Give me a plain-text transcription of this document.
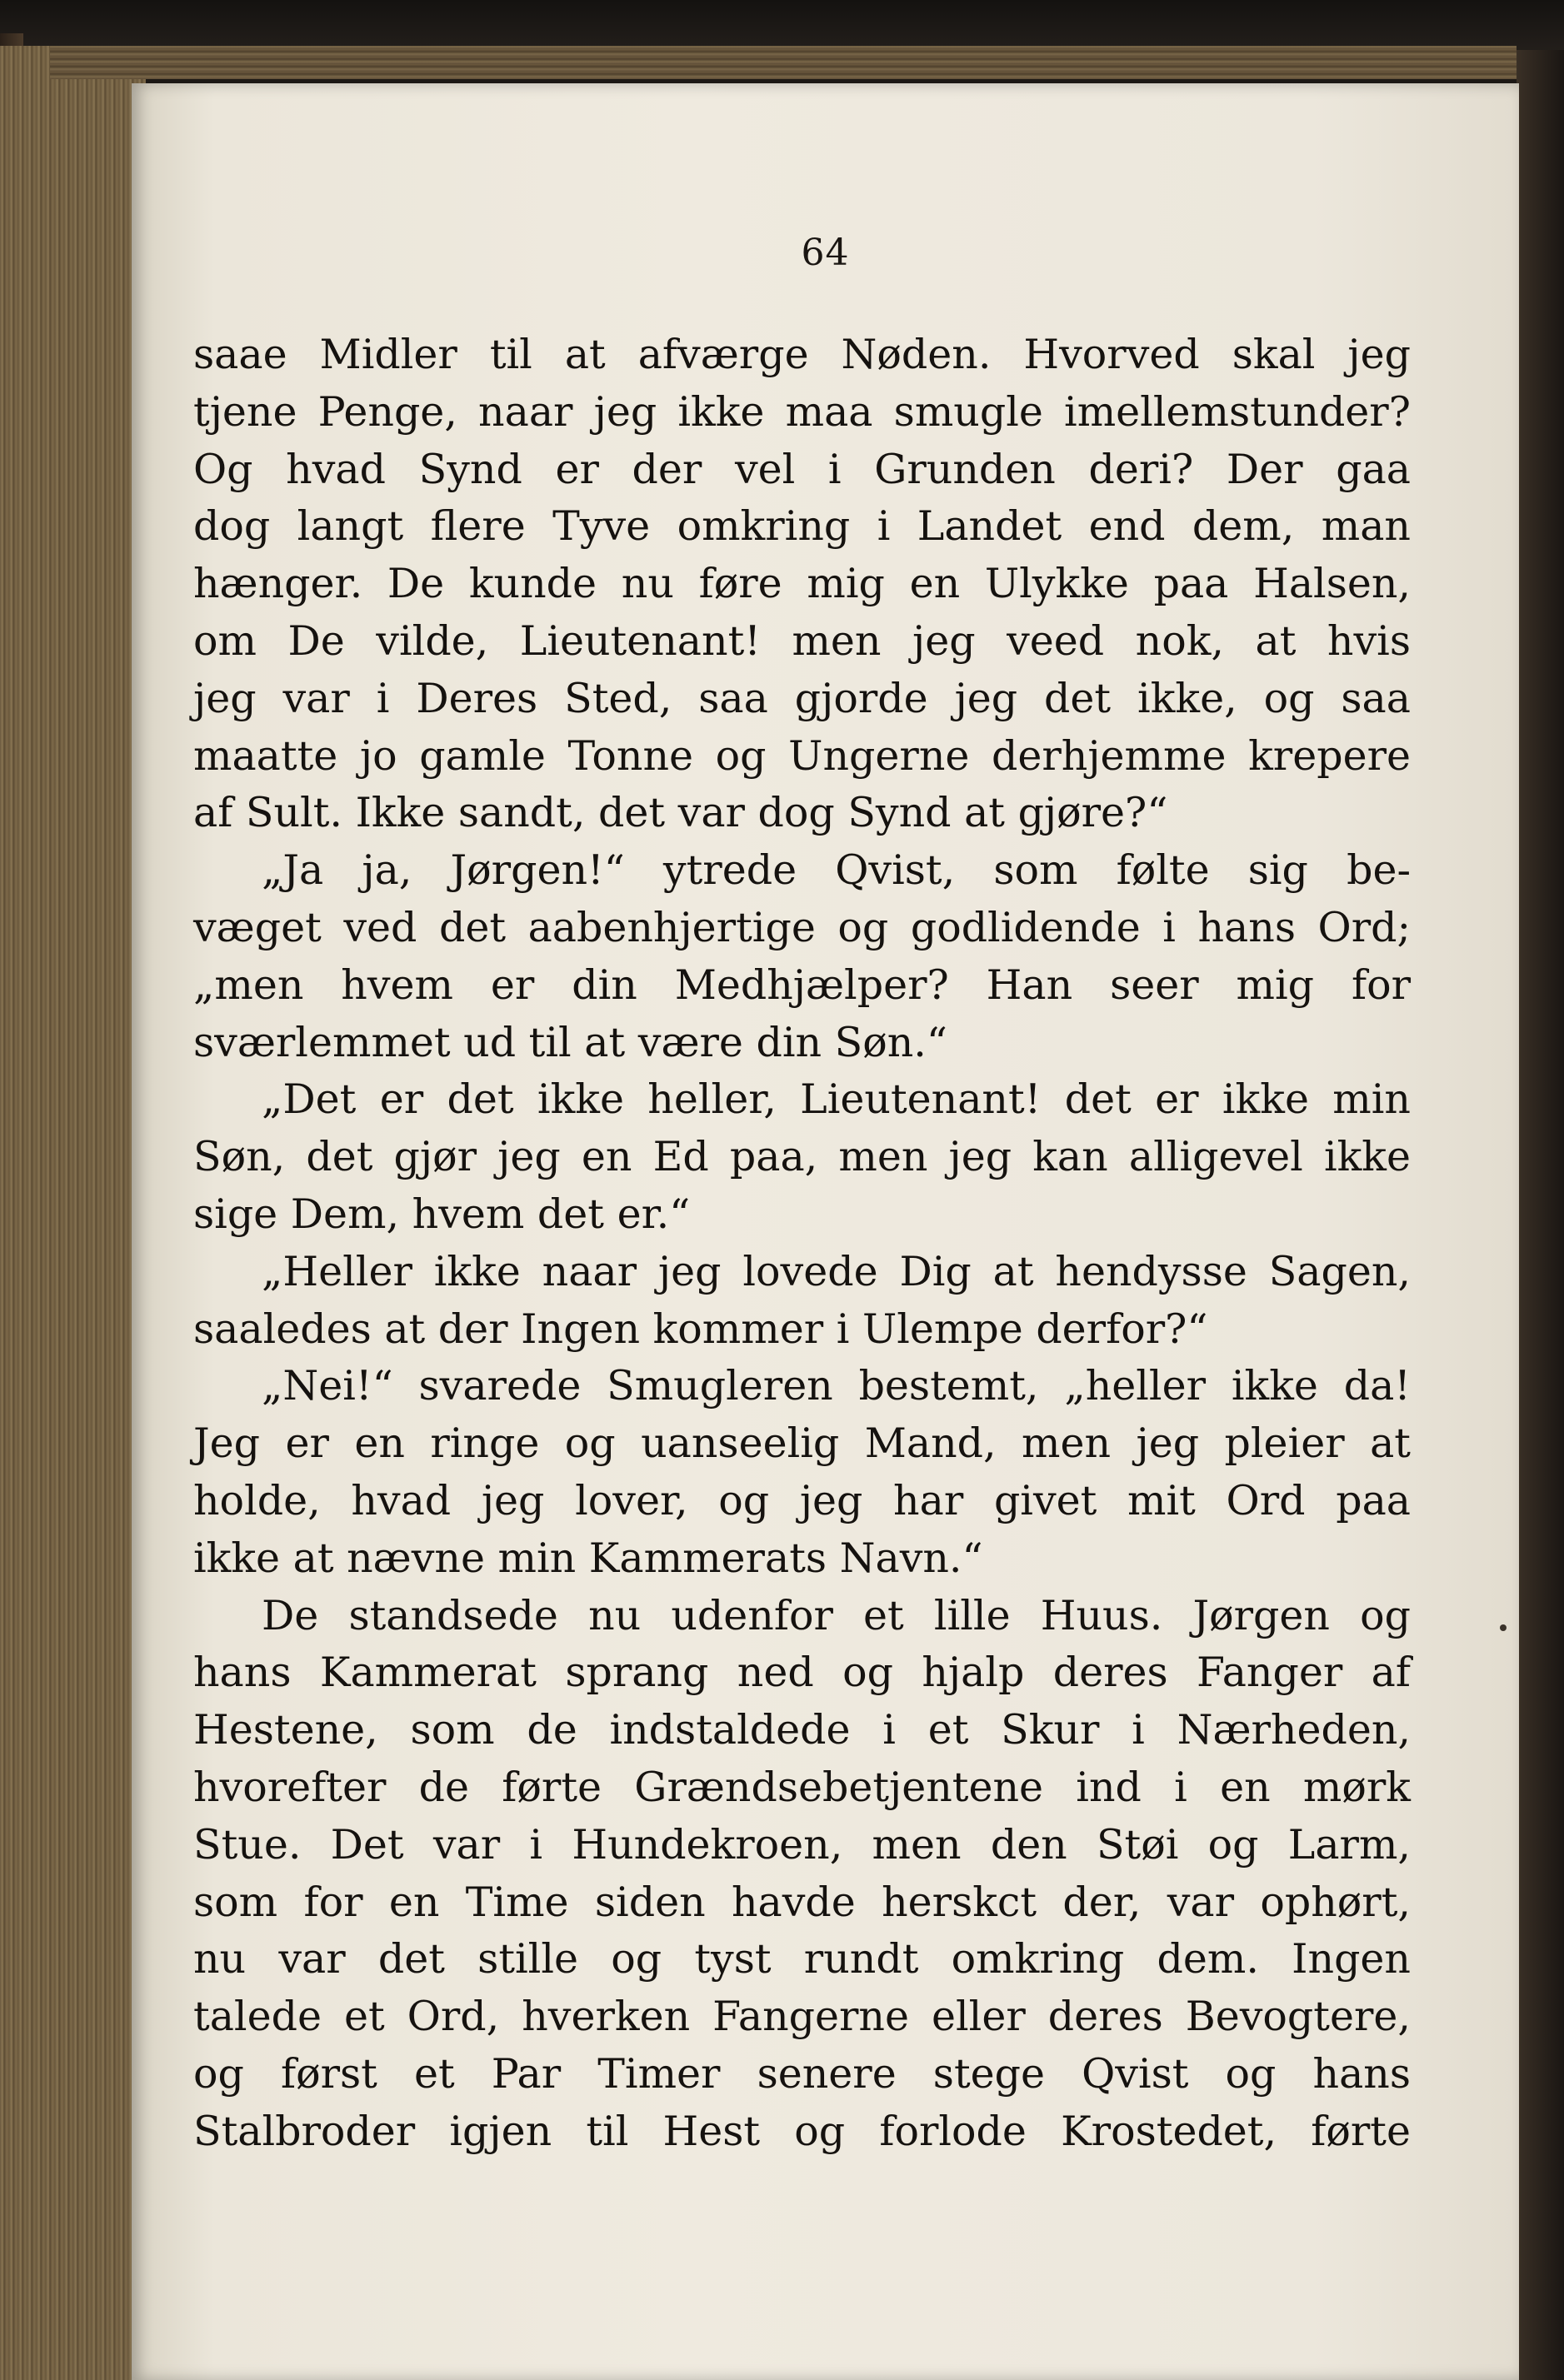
64
saae Midler til at afværge Nøden. Hvorved skal jeg
tjene Penge, naar jeg ikke maa smugle imellemstunder?
Og hvad Synd er der vel i Grunden deri? Der gaa
dog langt flere Tyve omkring i Landet end dem, man
hænger. De kunde nu føre mig en Ulykke paa Halsen,
om De vilde, Lieutenant! men jeg veed nok, at hvis
jeg var i Deres Sted, saa gjorde jeg det ikke, og saa
maatte jo gamle Tonne og Ungerne derhjemme krepere
af Sult. Ikke sandt, det var dog Synd at gjøre?“
„Ja ja, Jørgen!“ ytrede Qvist, som følte sig be-
væget ved det aabenhjertige og godlidende i hans Ord;
„men hvem er din Medhjælper? Han seer mig for
sværlemmet ud til at være din Søn.“
„Det er det ikke heller, Lieutenant! det er ikke min
Søn, det gjør jeg en Ed paa, men jeg kan alligevel ikke
sige Dem, hvem det er.“
„Heller ikke naar jeg lovede Dig at hendysse Sagen,
saaledes at der Ingen kommer i Ulempe derfor?“
„Nei!“ svarede Smugleren bestemt, „heller ikke da!
Jeg er en ringe og uanseelig Mand, men jeg pleier at
holde, hvad jeg lover, og jeg har givet mit Ord paa
ikke at nævne min Kammerats Navn.“
De standsede nu udenfor et lille Huus. Jørgen og
hans Kammerat sprang ned og hjalp deres Fanger af
Hestene, som de indstaldede i et Skur i Nærheden,
hvorefter de førte Grændsebetjentene ind i en mørk
Stue. Det var i Hundekroen, men den Støi og Larm,
som for en Time siden havde herskct der, var ophørt,
nu var det stille og tyst rundt omkring dem. Ingen
talede et Ord, hverken Fangerne eller deres Bevogtere,
og først et Par Timer senere stege Qvist og hans
Stalbroder igjen til Hest og forlode Krostedet, førte
